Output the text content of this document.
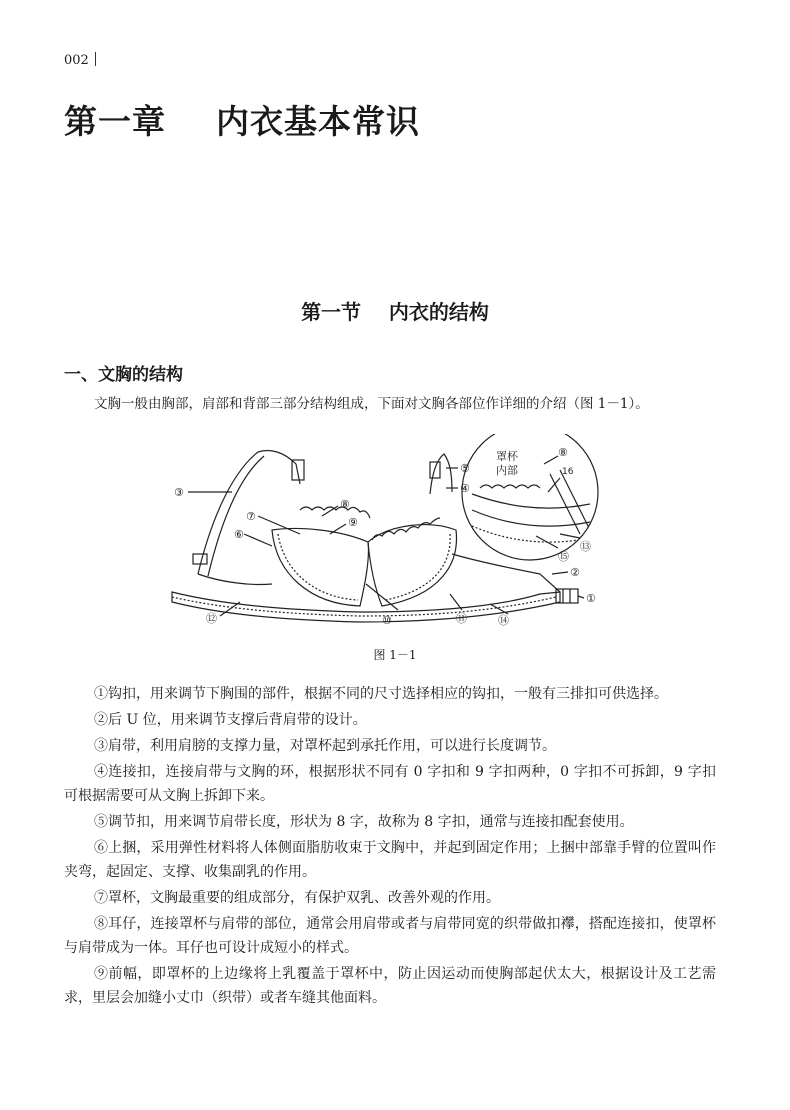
002
第一章    内衣基本常识
第一节    内衣的结构
一、文胸的结构
文胸一般由胸部，肩部和背部三部分结构组成，下面对文胸各部位作详细的介绍（图 1－1）。
③
⑥
⑦
⑧
⑨
⑩	⑪
⑫	⑭
⑤
④
②
①
⑧
16
⑬
⑮
罩杯
内部
图 1－1

①钩扣，用来调节下胸围的部件，根据不同的尺寸选择相应的钩扣，一般有三排扣可供选择。

②后 U 位，用来调节支撑后背肩带的设计。

③肩带，利用肩膀的支撑力量，对罩杯起到承托作用，可以进行长度调节。

④连接扣，连接肩带与文胸的环，根据形状不同有 0 字扣和 9 字扣两种，0 字扣不可拆卸，9 字扣可根据需要可从文胸上拆卸下来。

⑤调节扣，用来调节肩带长度，形状为 8 字，故称为 8 字扣，通常与连接扣配套使用。

⑥上捆，采用弹性材料将人体侧面脂肪收束于文胸中，并起到固定作用；上捆中部靠手臂的位置叫作夹弯，起固定、支撑、收集副乳的作用。

⑦罩杯，文胸最重要的组成部分，有保护双乳、改善外观的作用。

⑧耳仔，连接罩杯与肩带的部位，通常会用肩带或者与肩带同宽的织带做扣襻，搭配连接扣，使罩杯与肩带成为一体。耳仔也可设计成短小的样式。

⑨前幅，即罩杯的上边缘将上乳覆盖于罩杯中，防止因运动而使胸部起伏太大，根据设计及工艺需求，里层会加缝小丈巾（织带）或者车缝其他面料。
